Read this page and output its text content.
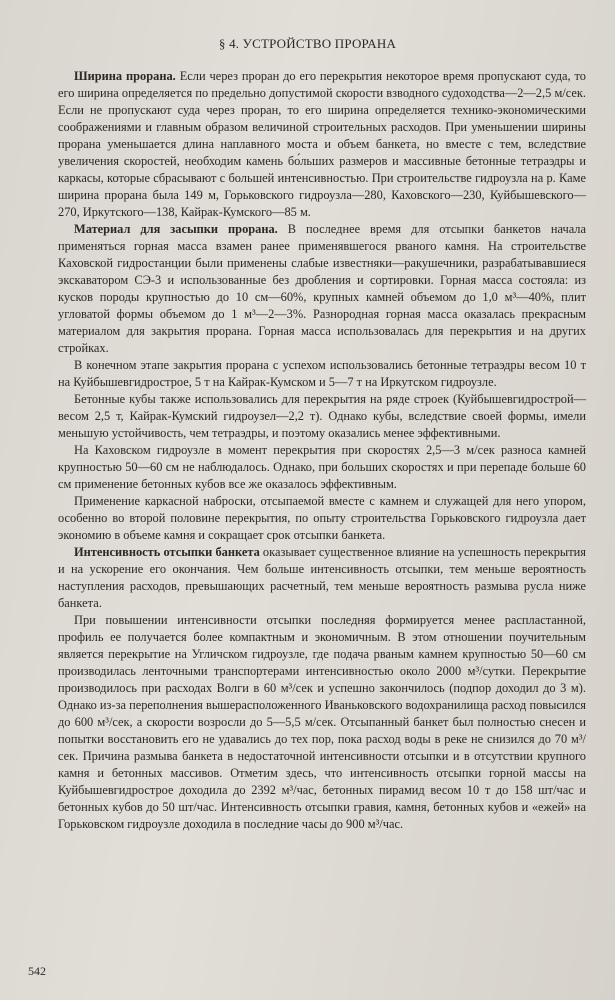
§ 4. УСТРОЙСТВО ПРОРАНА

Ширина прорана. Если через проран до его перекрытия некоторое время пропускают суда, то его ширина определяется по предельно допустимой скорости взводного судоходства—2—2,5 м/сек. Если не пропускают суда через проран, то его ширина определяется технико-экономическими соображениями и главным образом величиной строительных расходов. При уменьшении ширины прорана уменьшается длина наплавного моста и объем банкета, но вместе с тем, вследствие увеличения скоростей, необходим камень бо́льших размеров и массивные бетонные тетраэдры и каркасы, которые сбрасывают с большей интенсивностью. При строительстве гидроузла на р. Каме ширина прорана была 149 м, Горьковского гидроузла—280, Каховского—230, Куйбышевского—270, Иркутского—138, Кайрак-Кумского—85 м.

Материал для засыпки прорана. В последнее время для отсыпки банкетов начала применяться горная масса взамен ранее применявшегося рваного камня. На строительстве Каховской гидростанции были применены слабые известняки—ракушечники, разрабатывавшиеся экскаватором СЭ-3 и использованные без дробления и сортировки. Горная масса состояла: из кусков породы крупностью до 10 см—60%, крупных камней объемом до 1,0 м³—40%, плит угловатой формы объемом до 1 м³—2—3%. Разнородная горная масса оказалась прекрасным материалом для закрытия прорана. Горная масса использовалась для перекрытия и на других стройках.

В конечном этапе закрытия прорана с успехом использовались бетонные тетраэдры весом 10 т на Куйбышевгидрострое, 5 т на Кайрак-Кумском и 5—7 т на Иркутском гидроузле.

Бетонные кубы также использовались для перекрытия на ряде строек (Куйбышевгидрострой—весом 2,5 т, Кайрак-Кумский гидроузел—2,2 т). Однако кубы, вследствие своей формы, имели меньшую устойчивость, чем тетраэдры, и поэтому оказались менее эффективными.

На Каховском гидроузле в момент перекрытия при скоростях 2,5—3 м/сек разноса камней крупностью 50—60 см не наблюдалось. Однако, при больших скоростях и при перепаде больше 60 см применение бетонных кубов все же оказалось эффективным.

Применение каркасной наброски, отсыпаемой вместе с камнем и служащей для него упором, особенно во второй половине перекрытия, по опыту строительства Горьковского гидроузла дает экономию в объеме камня и сокращает срок отсыпки банкета.

Интенсивность отсыпки банкета оказывает существенное влияние на успешность перекрытия и на ускорение его окончания. Чем больше интенсивность отсыпки, тем меньше вероятность наступления расходов, превышающих расчетный, тем меньше вероятность размыва русла ниже банкета.

При повышении интенсивности отсыпки последняя формируется менее распластанной, профиль ее получается более компактным и экономичным. В этом отношении поучительным является перекрытие на Угличском гидроузле, где подача рваным камнем крупностью 50—60 см производилась ленточными транспортерами интенсивностью около 2000 м³/сутки. Перекрытие производилось при расходах Волги в 60 м³/сек и успешно закончилось (подпор доходил до 3 м). Однако из-за переполнения вышерасположенного Иваньковского водохранилища расход повысился до 600 м³/сек, а скорости возросли до 5—5,5 м/сек. Отсыпанный банкет был полностью снесен и попытки восстановить его не удавались до тех пор, пока расход воды в реке не снизился до 70 м³/сек. Причина размыва банкета в недостаточной интенсивности отсыпки и в отсутствии крупного камня и бетонных массивов. Отметим здесь, что интенсивность отсыпки горной массы на Куйбышевгидрострое доходила до 2392 м³/час, бетонных пирамид весом 10 т до 158 шт/час и бетонных кубов до 50 шт/час. Интенсивность отсыпки гравия, камня, бетонных кубов и «ежей» на Горьковском гидроузле доходила в последние часы до 900 м³/час.

542
